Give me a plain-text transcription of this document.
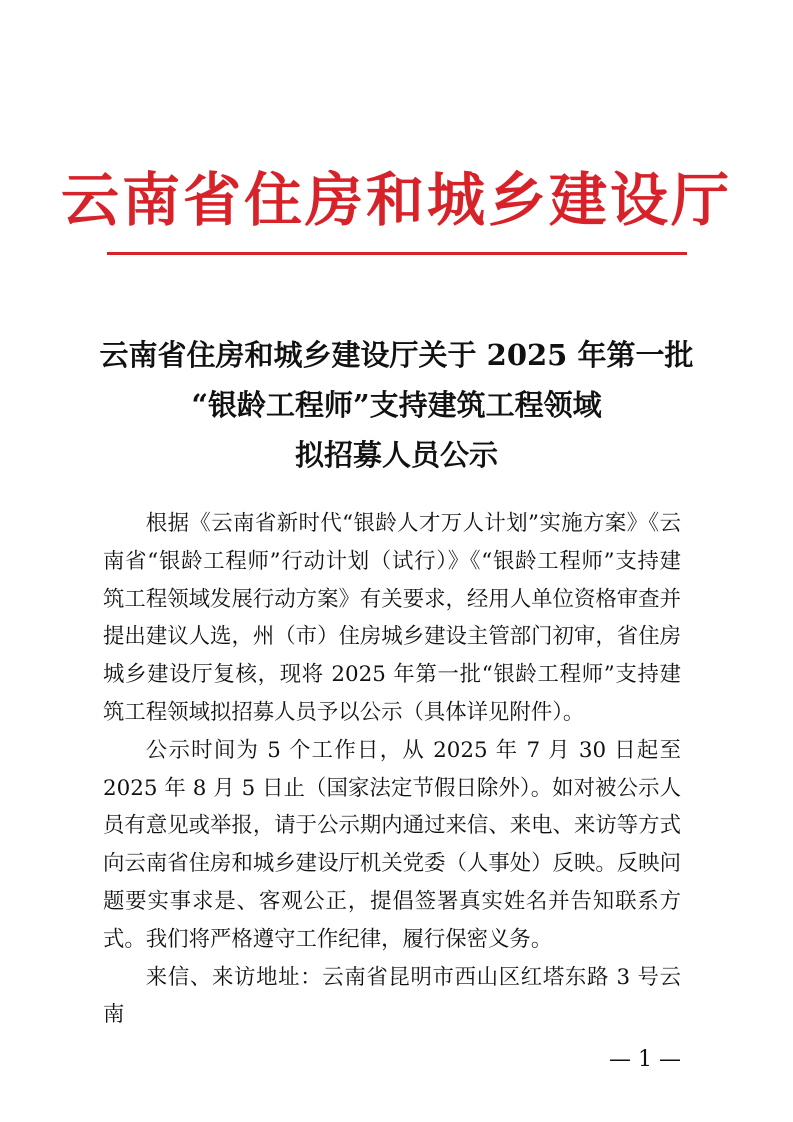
云南省住房和城乡建设厅
云南省住房和城乡建设厅关于 2025 年第一批
“银龄工程师”支持建筑工程领域
拟招募人员公示

根据《云南省新时代“银龄人才万人计划”实施方案》《云南省“银龄工程师”行动计划（试行）》《“银龄工程师”支持建筑工程领域发展行动方案》有关要求，经用人单位资格审查并提出建议人选，州（市）住房城乡建设主管部门初审，省住房城乡建设厅复核，现将 2025 年第一批“银龄工程师”支持建筑工程领域拟招募人员予以公示（具体详见附件）。

公示时间为 5 个工作日，从 2025 年 7 月 30 日起至 2025 年 8 月 5 日止（国家法定节假日除外）。如对被公示人员有意见或举报，请于公示期内通过来信、来电、来访等方式向云南省住房和城乡建设厅机关党委（人事处）反映。反映问题要实事求是、客观公正，提倡签署真实姓名并告知联系方式。我们将严格遵守工作纪律，履行保密义务。

来信、来访地址：云南省昆明市西山区红塔东路 3 号云南

— 1 —
